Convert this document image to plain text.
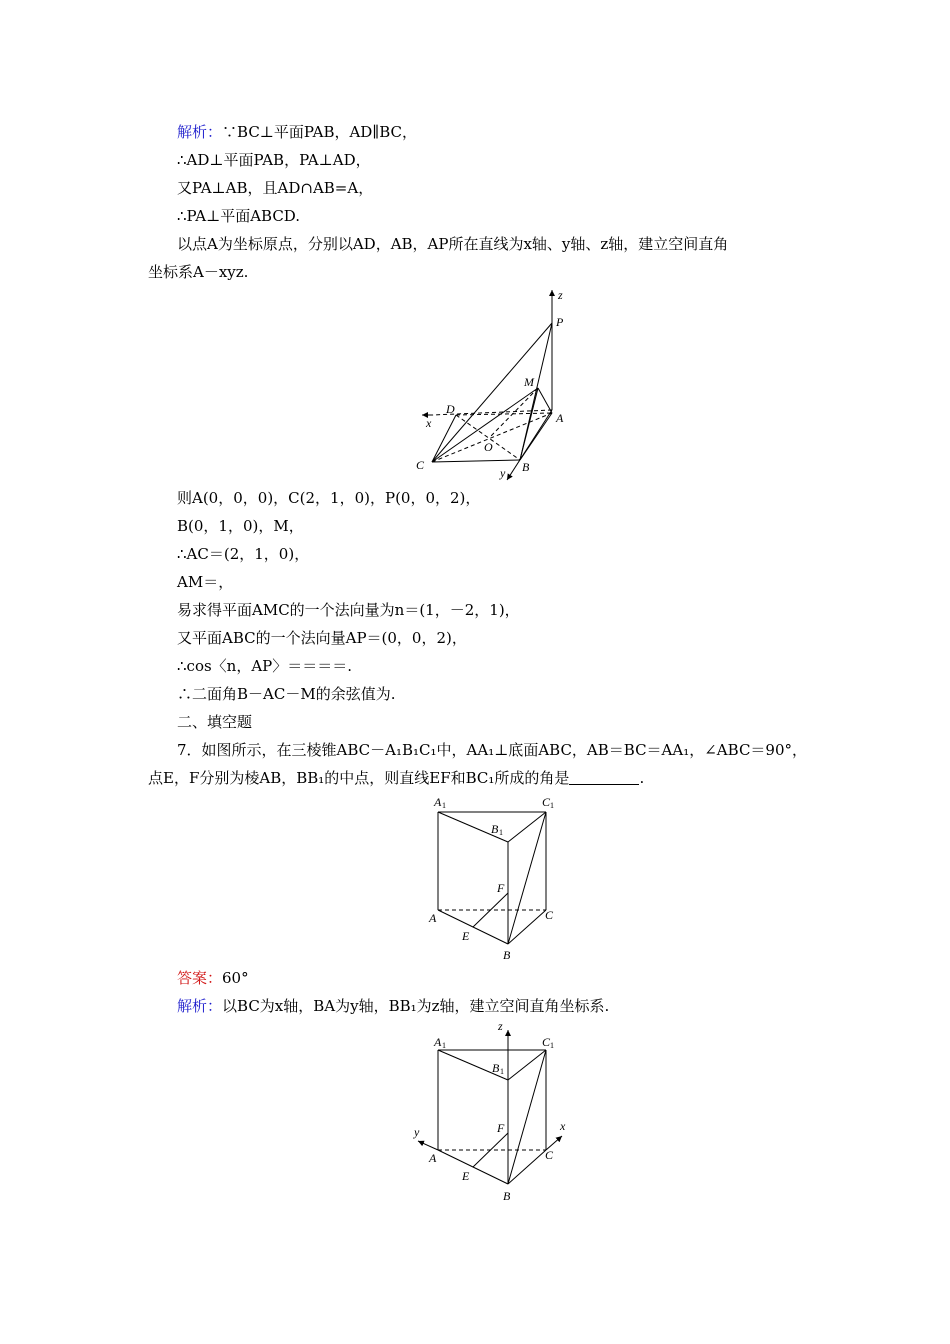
解析：∵BC⊥平面PAB，AD∥BC，
∴AD⊥平面PAB，PA⊥AD，
又PA⊥AB，且AD∩AB=A，
∴PA⊥平面ABCD.
以点A为坐标原点，分别以AD，AB，AP所在直线为x轴、y轴、z轴，建立空间直角
坐标系A－xyz.
z
P
M
D
x	A
O
C
y B
则A(0，0，0)，C(2，1，0)，P(0，0，2)，
B(0，1，0)，M，
∴AC＝(2，1，0)，
AM＝，
易求得平面AMC的一个法向量为n＝(1，－2，1)，
又平面ABC的一个法向量AP＝(0，0，2)，
∴cos〈n，AP〉＝＝＝＝.
∴二面角B－AC－M的余弦值为.
二、填空题
7．如图所示，在三棱锥ABC－A₁B₁C₁中，AA₁⊥底面ABC，AB＝BC＝AA₁，∠ABC＝90°，
点E，F分别为棱AB，BB₁的中点，则直线EF和BC₁所成的角是	.
A 1	C 1
B 1
F
A	C
E
B
答案：60°
解析：以BC为x轴，BA为y轴，BB₁为z轴，建立空间直角坐标系.
z
A 1	C 1
B 1
F
y	x
A	C
E
B
